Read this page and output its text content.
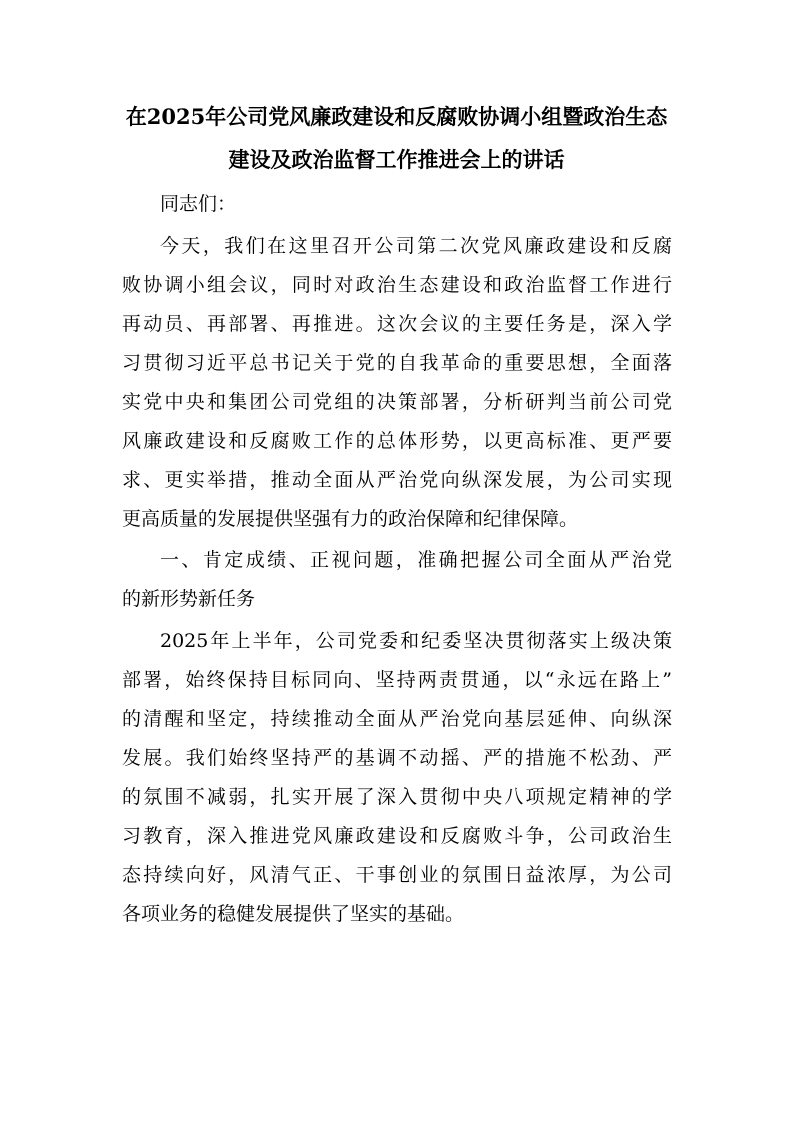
在2025年公司党风廉政建设和反腐败协调小组暨政治生态
建设及政治监督工作推进会上的讲话
同志们：
今天，我们在这里召开公司第二次党风廉政建设和反腐
败协调小组会议，同时对政治生态建设和政治监督工作进行
再动员、再部署、再推进。这次会议的主要任务是，深入学
习贯彻习近平总书记关于党的自我革命的重要思想，全面落
实党中央和集团公司党组的决策部署，分析研判当前公司党
风廉政建设和反腐败工作的总体形势，以更高标准、更严要
求、更实举措，推动全面从严治党向纵深发展，为公司实现
更高质量的发展提供坚强有力的政治保障和纪律保障。
一、肯定成绩、正视问题，准确把握公司全面从严治党
的新形势新任务
2025年上半年，公司党委和纪委坚决贯彻落实上级决策
部署，始终保持目标同向、坚持两责贯通，以“永远在路上”
的清醒和坚定，持续推动全面从严治党向基层延伸、向纵深
发展。我们始终坚持严的基调不动摇、严的措施不松劲、严
的氛围不减弱，扎实开展了深入贯彻中央八项规定精神的学
习教育，深入推进党风廉政建设和反腐败斗争，公司政治生
态持续向好，风清气正、干事创业的氛围日益浓厚，为公司
各项业务的稳健发展提供了坚实的基础。
